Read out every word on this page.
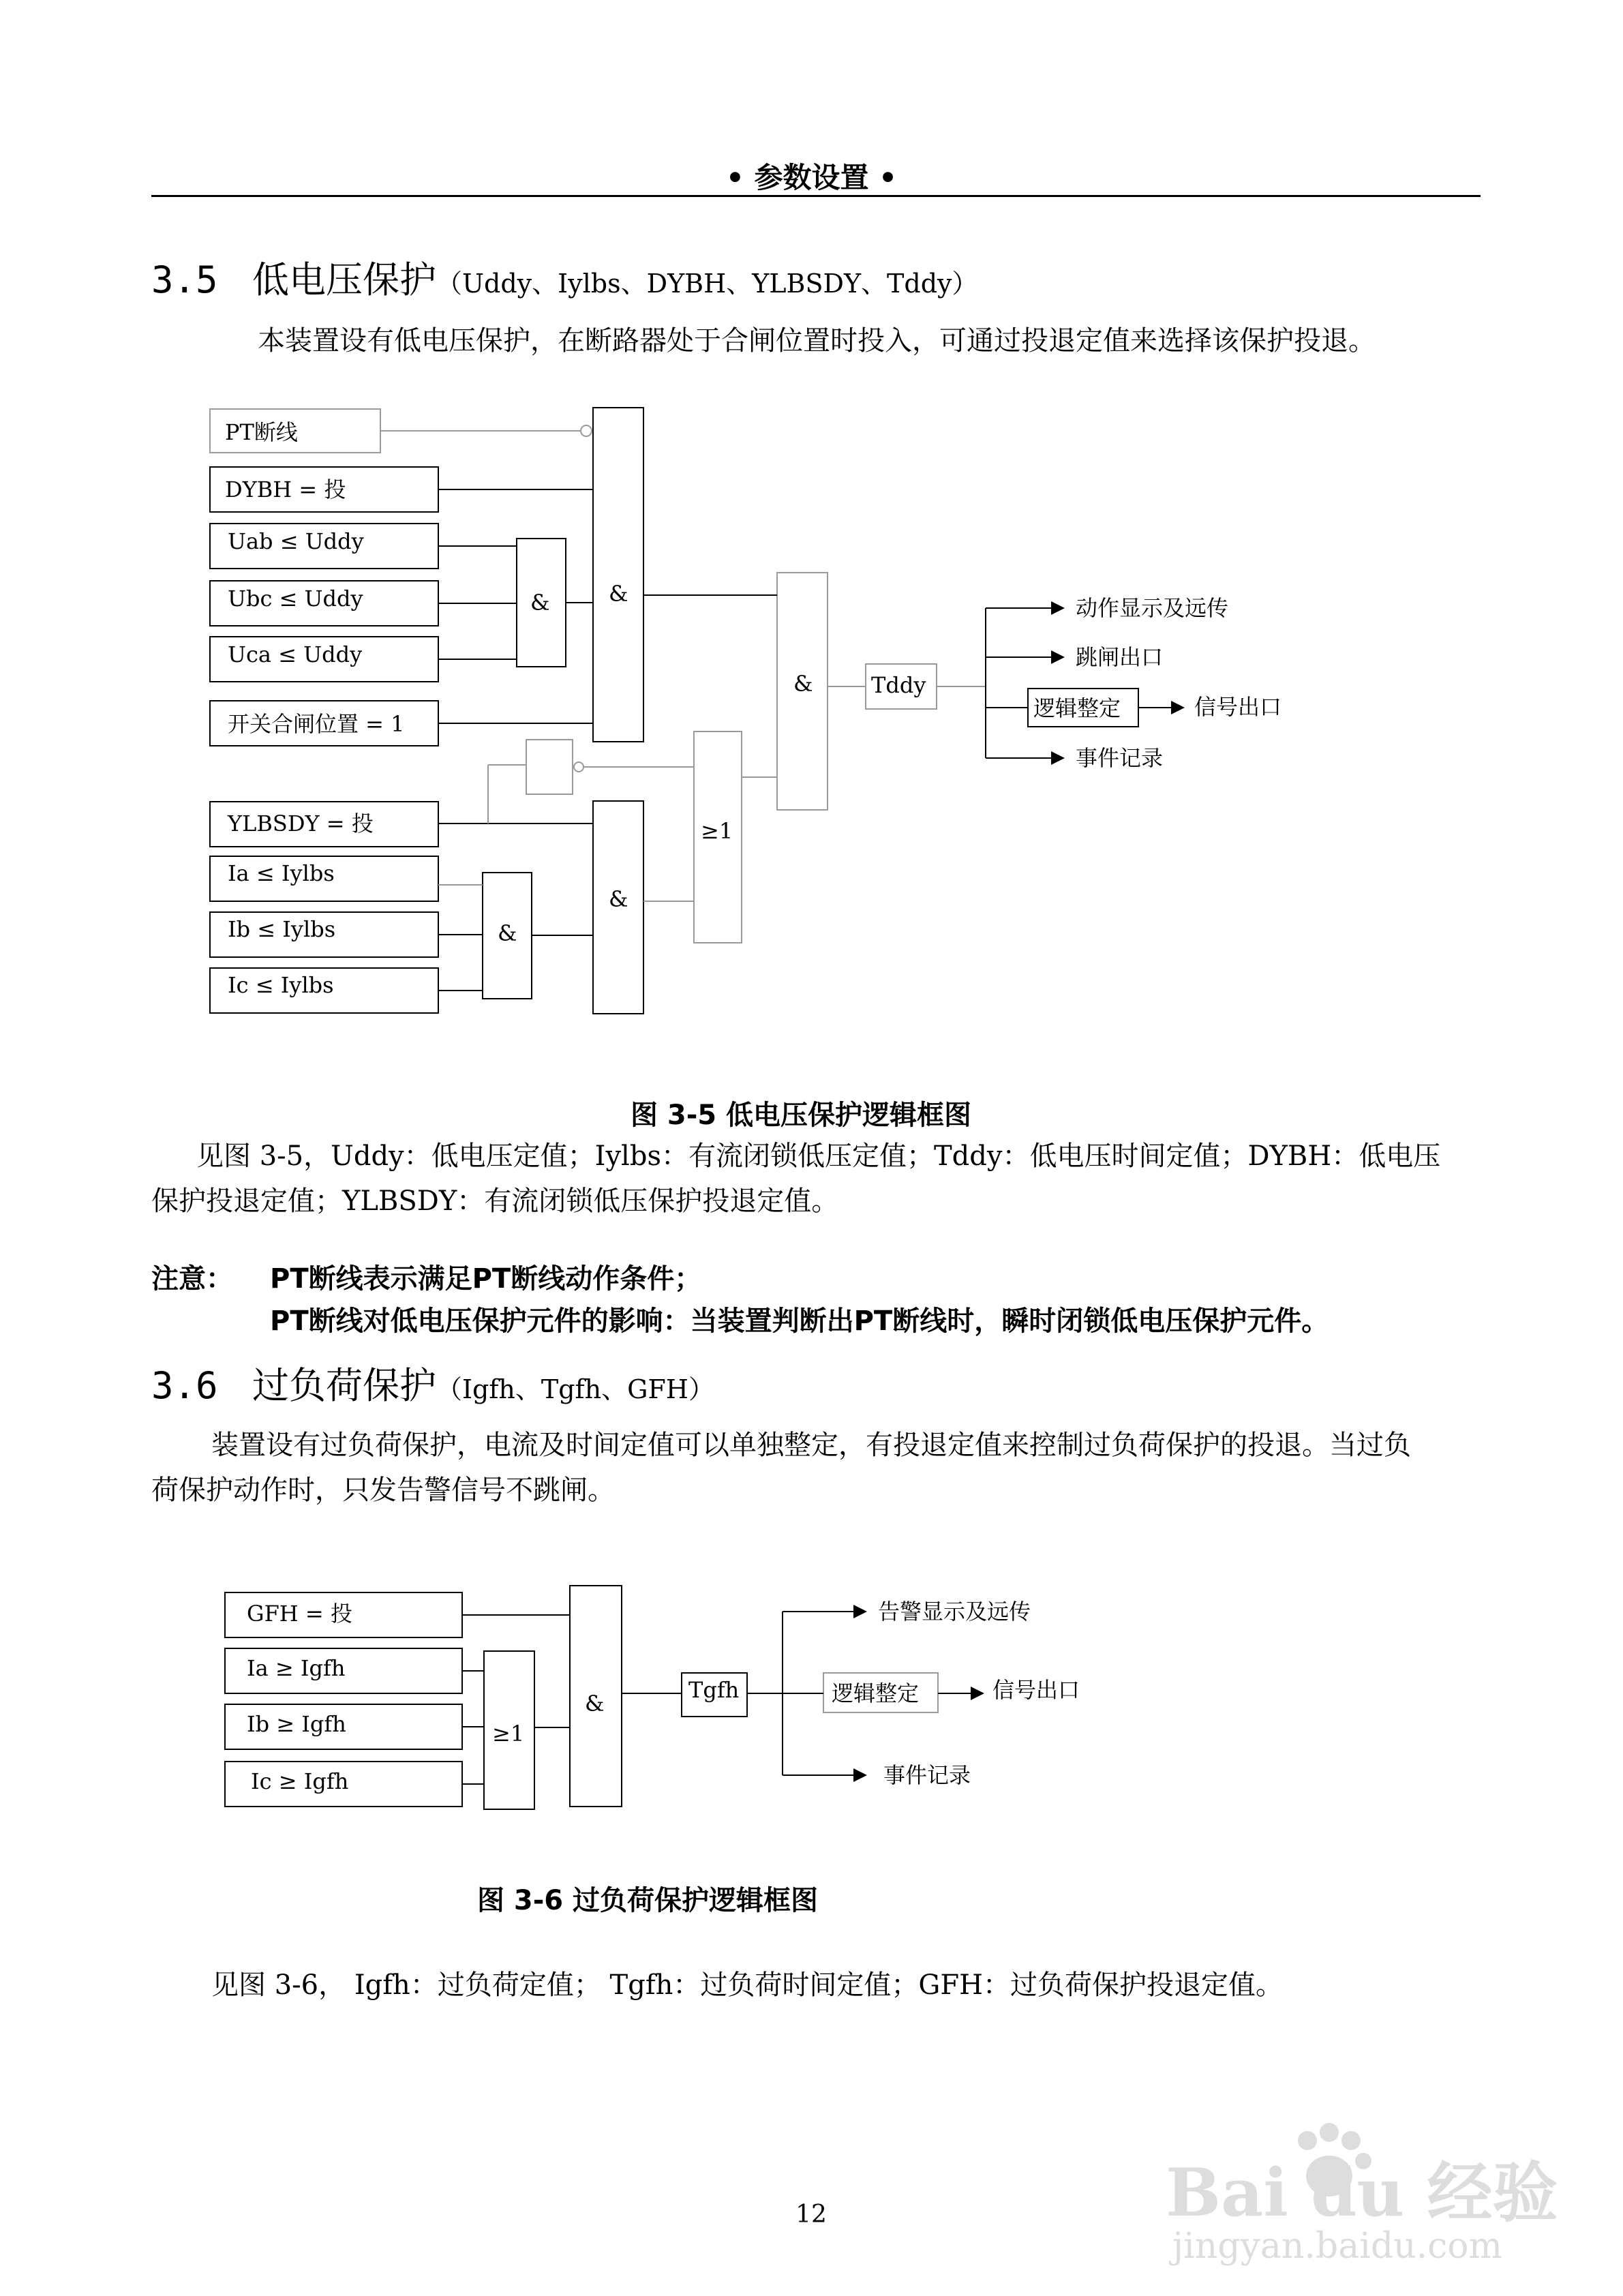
• 参数设置 •
3.5 低电压保护（Uddy、Iylbs、DYBH、YLBSDY、Tddy）
本装置设有低电压保护，在断路器处于合闸位置时投入，可通过投退定值来选择该保护投退。
PT断线
DYBH = 投
Uab ≤ Uddy
Ubc ≤ Uddy
Uca ≤ Uddy
开关合闸位置 = 1
YLBSDY = 投
Ia ≤ Iylbs
Ib ≤ Iylbs
Ic ≤ Iylbs
&	&
&
≥1
&
&
Tddy
动作显示及远传
跳闸出口
逻辑整定	信号出口
事件记录
图 3-5 低电压保护逻辑框图
见图 3-5，Uddy：低电压定值；Iylbs：有流闭锁低压定值；Tddy：低电压时间定值；DYBH：低电压
保护投退定值；YLBSDY：有流闭锁低压保护投退定值。
注意： PT断线表示满足PT断线动作条件；
PT断线对低电压保护元件的影响：当装置判断出PT断线时，瞬时闭锁低电压保护元件。
3.6 过负荷保护（Igfh、Tgfh、GFH）
装置设有过负荷保护，电流及时间定值可以单独整定，有投退定值来控制过负荷保护的投退。当过负
荷保护动作时，只发告警信号不跳闸。
GFH = 投
Ia ≥ Igfh
Ib ≥ Igfh
Ic ≥ Igfh
≥1
&
Tgfh
告警显示及远传
逻辑整定	信号出口
事件记录
图 3-6 过负荷保护逻辑框图
见图 3-6， Igfh：过负荷定值； Tgfh：过负荷时间定值；GFH：过负荷保护投退定值。
12	Bai du 经验
jingyan.baidu.com
